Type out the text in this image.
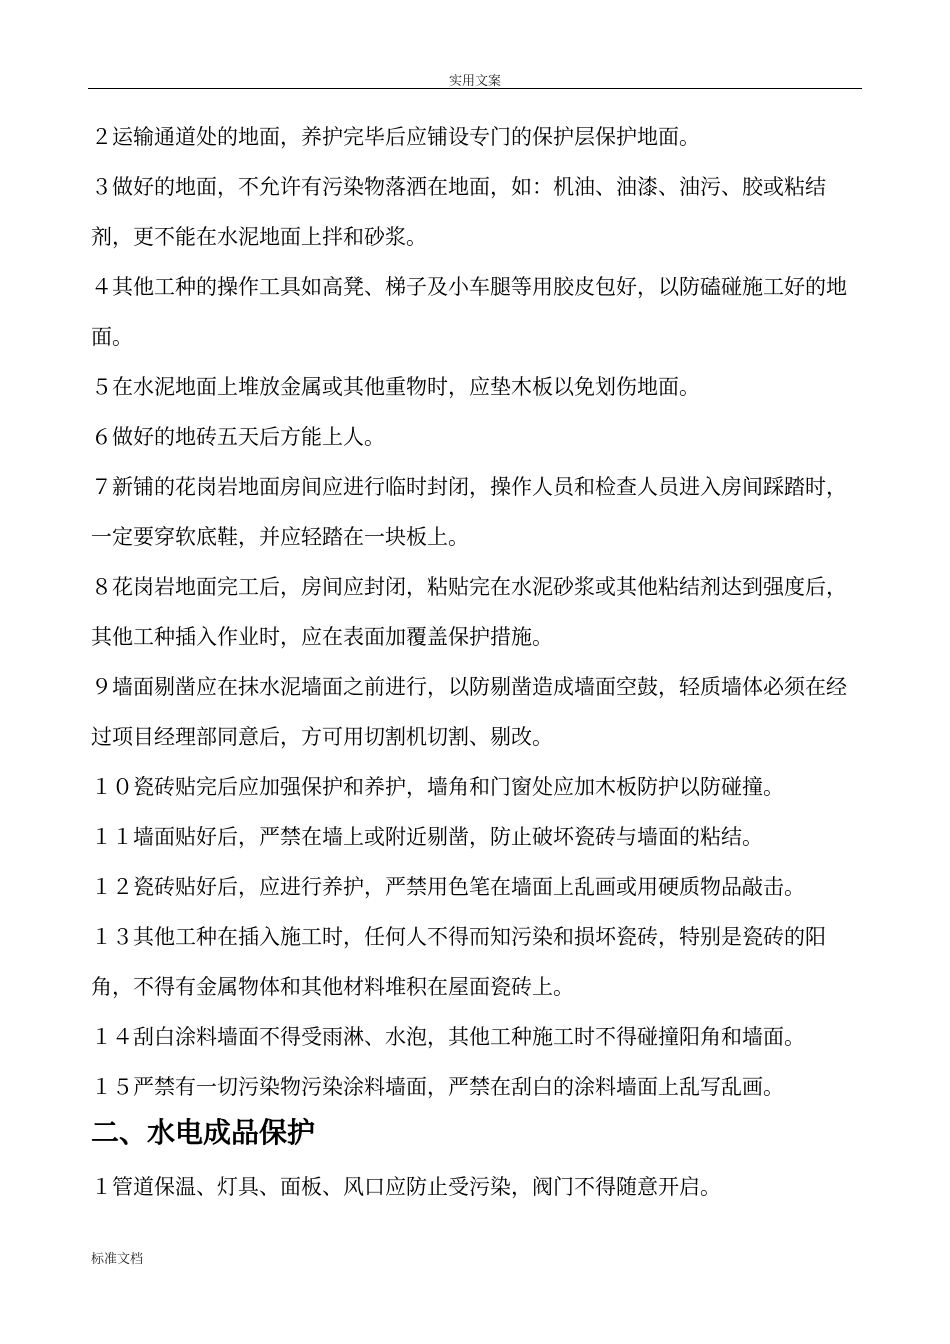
实用文案

２运输通道处的地面，养护完毕后应铺设专门的保护层保护地面。

３做好的地面，不允许有污染物落洒在地面，如：机油、油漆、油污、胶或粘结剂，更不能在水泥地面上拌和砂浆。

４其他工种的操作工具如高凳、梯子及小车腿等用胶皮包好，以防磕碰施工好的地面。

５在水泥地面上堆放金属或其他重物时，应垫木板以免划伤地面。

６做好的地砖五天后方能上人。

７新铺的花岗岩地面房间应进行临时封闭，操作人员和检查人员进入房间踩踏时，一定要穿软底鞋，并应轻踏在一块板上。

８花岗岩地面完工后，房间应封闭，粘贴完在水泥砂浆或其他粘结剂达到强度后，其他工种插入作业时，应在表面加覆盖保护措施。

９墙面剔凿应在抹水泥墙面之前进行，以防剔凿造成墙面空鼓，轻质墙体必须在经过项目经理部同意后，方可用切割机切割、剔改。

１０瓷砖贴完后应加强保护和养护，墙角和门窗处应加木板防护以防碰撞。

１１墙面贴好后，严禁在墙上或附近剔凿，防止破坏瓷砖与墙面的粘结。

１２瓷砖贴好后，应进行养护，严禁用色笔在墙面上乱画或用硬质物品敲击。

１３其他工种在插入施工时，任何人不得而知污染和损坏瓷砖，特别是瓷砖的阳角，不得有金属物体和其他材料堆积在屋面瓷砖上。

１４刮白涂料墙面不得受雨淋、水泡，其他工种施工时不得碰撞阳角和墙面。

１５严禁有一切污染物污染涂料墙面，严禁在刮白的涂料墙面上乱写乱画。

二、水电成品保护

１管道保温、灯具、面板、风口应防止受污染，阀门不得随意开启。

标准文档
